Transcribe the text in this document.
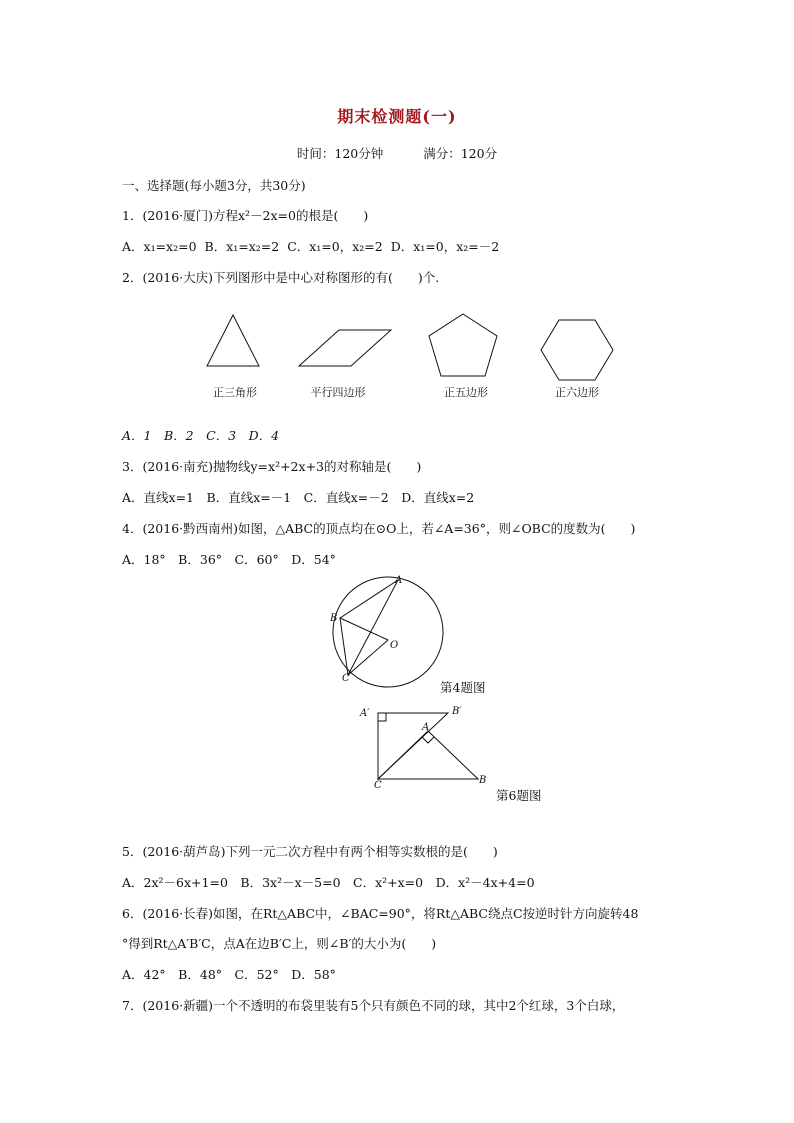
期末检测题(一)
时间：120分钟	满分：120分
一、选择题(每小题3分，共30分)
1．(2016·厦门)方程x²－2x=0的根是(　　)
A．x₁=x₂=0 B．x₁=x₂=2 C．x₁=0，x₂=2 D．x₁=0，x₂=－2
2．(2016·大庆)下列图形中是中心对称图形的有(　　)个.
正三角形	平行四边形	正五边形	正六边形
A．1　B．2　C．3　D．4
3．(2016·南充)抛物线y=x²+2x+3的对称轴是(　　)
A．直线x=1　B．直线x=－1　C．直线x=－2　D．直线x=2
4．(2016·黔西南州)如图，△ABC的顶点均在⊙O上，若∠A=36°，则∠OBC的度数为(　　)
A．18°　B．36°　C．60°　D．54°
A
B
C
O
第4题图
A′	B′
A
B
C
第6题图
5．(2016·葫芦岛)下列一元二次方程中有两个相等实数根的是(　　)
A．2x²－6x+1=0　B．3x²－x－5=0　C．x²+x=0　D．x²－4x+4=0
6．(2016·长春)如图，在Rt△ABC中，∠BAC=90°，将Rt△ABC绕点C按逆时针方向旋转48
°得到Rt△A′B′C，点A在边B′C上，则∠B′的大小为(　　)
A．42°　B．48°　C．52°　D．58°
7．(2016·新疆)一个不透明的布袋里装有5个只有颜色不同的球，其中2个红球，3个白球，
